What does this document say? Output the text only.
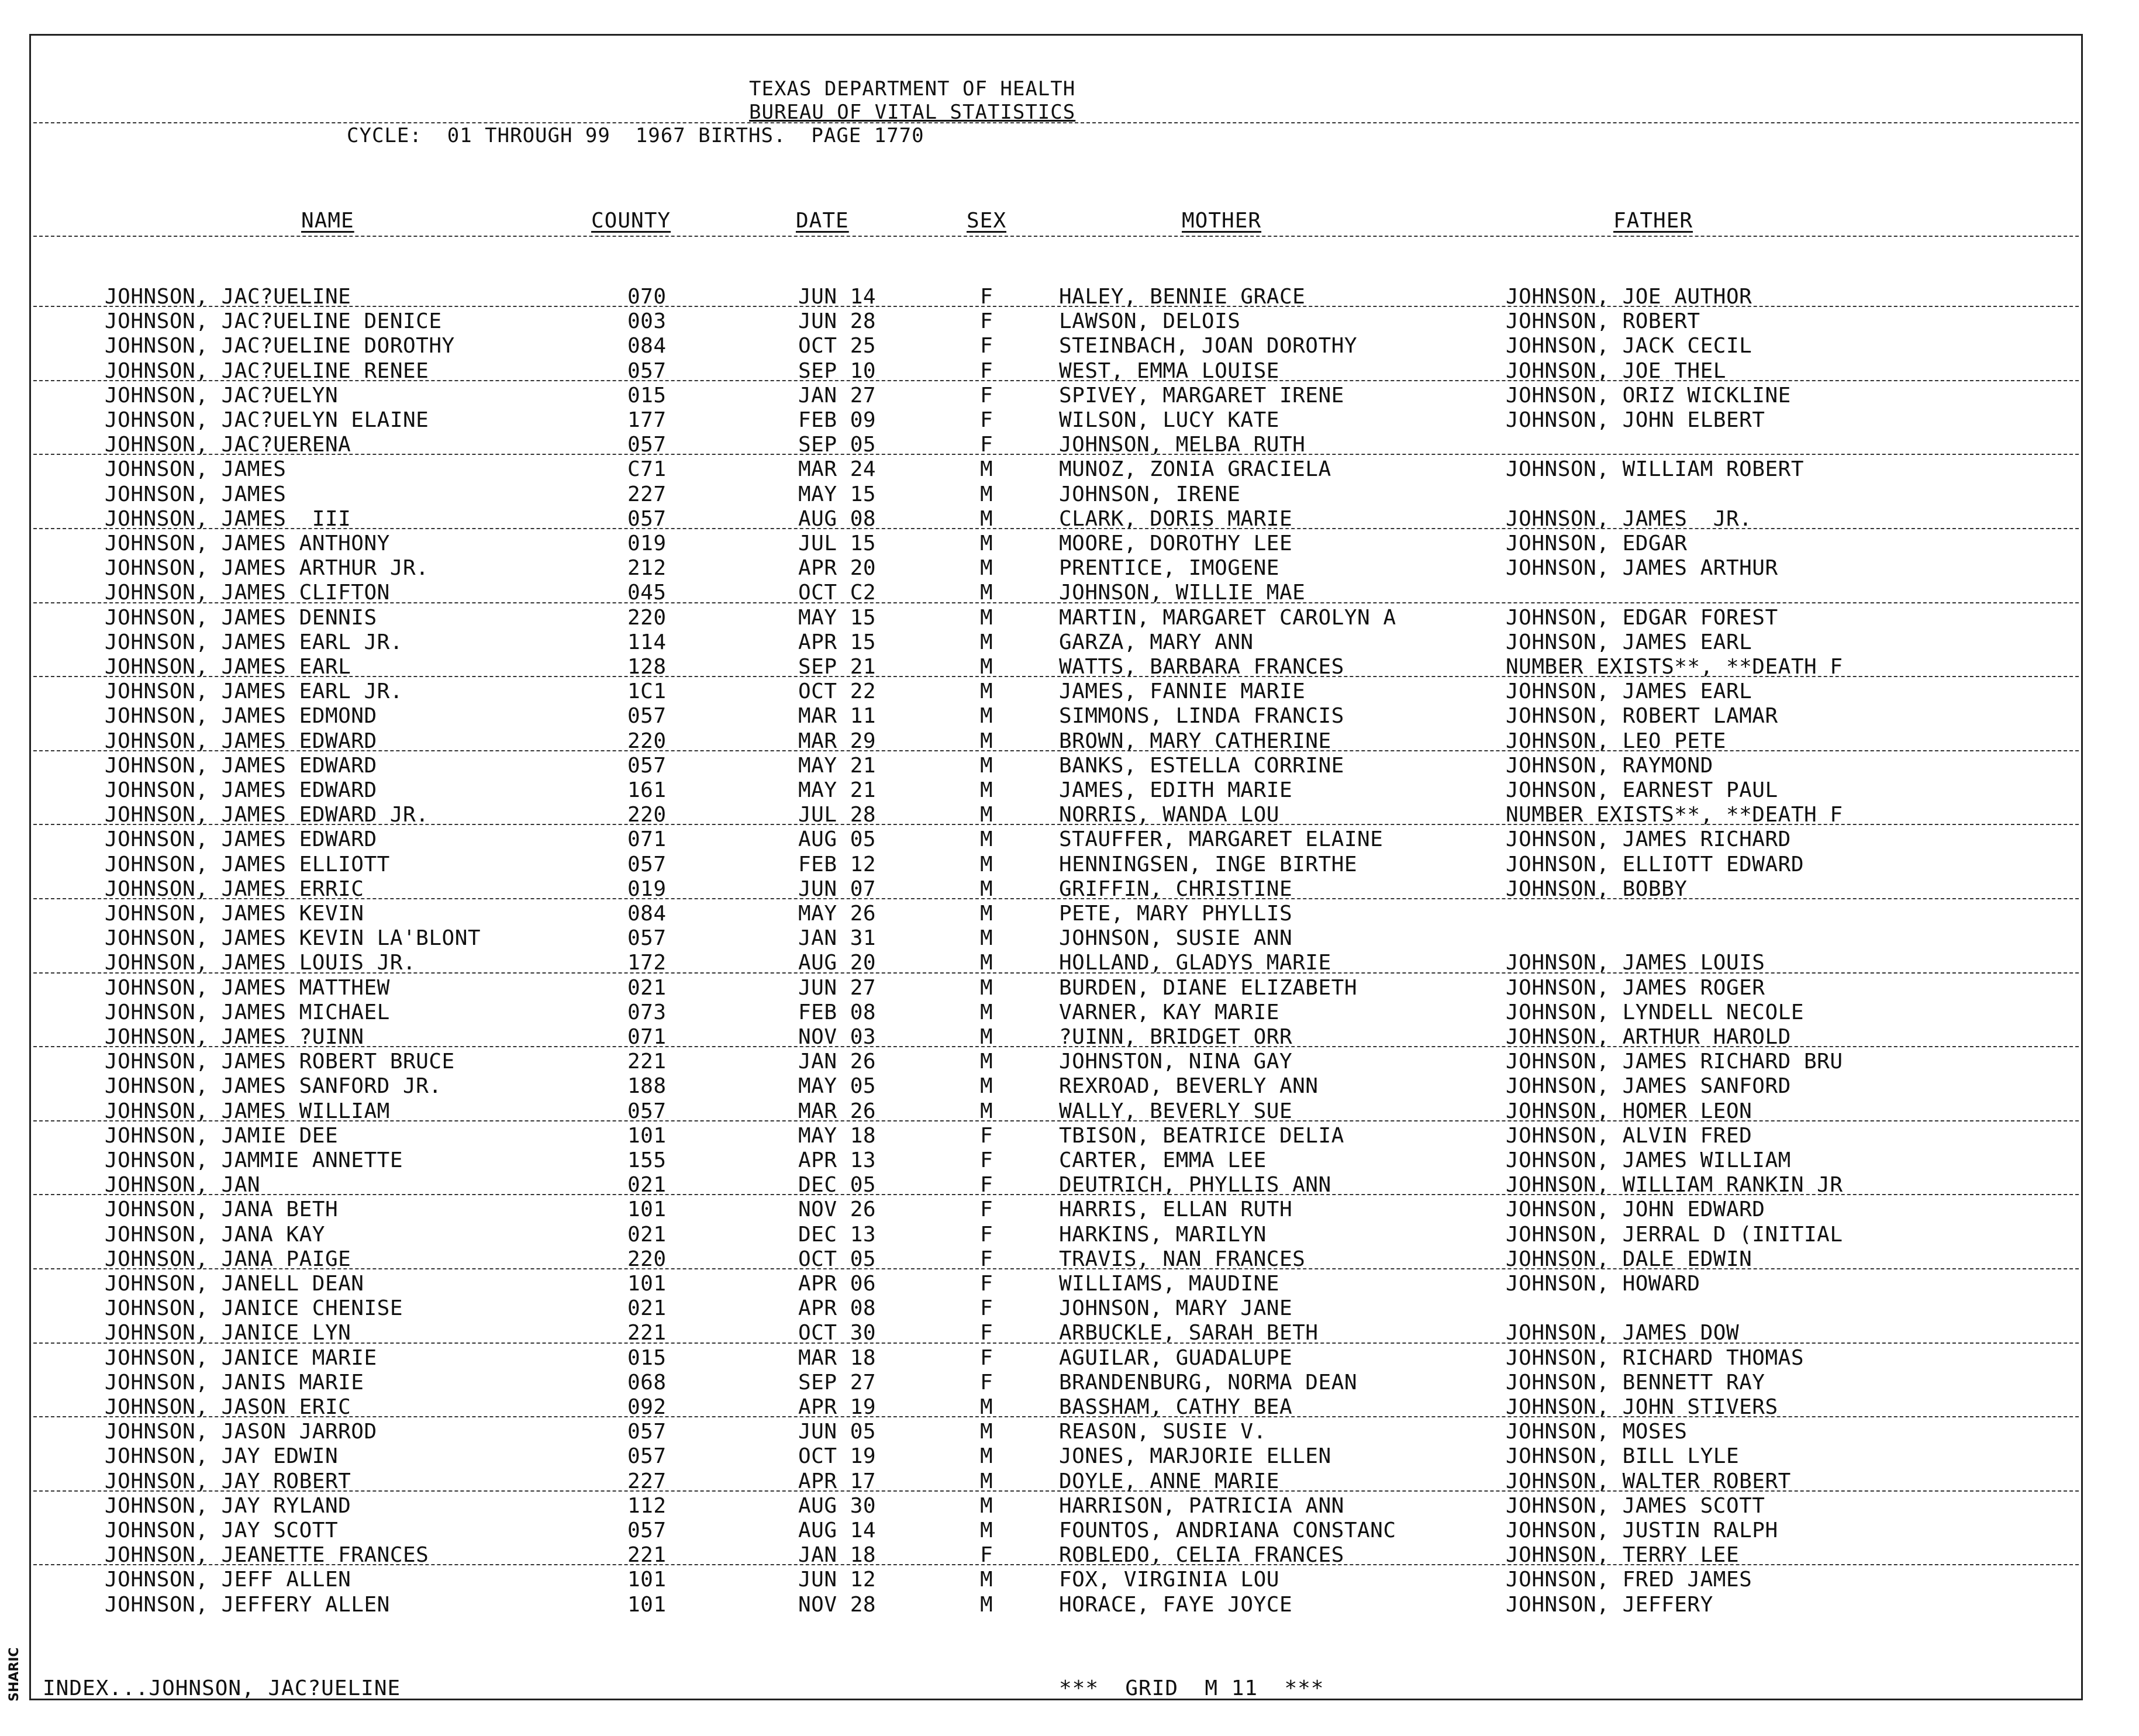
TEXAS DEPARTMENT OF HEALTH
BUREAU OF VITAL STATISTICS
CYCLE:  01 THROUGH 99  1967 BIRTHS.  PAGE 1770
NAME	COUNTY	DATE	SEX	MOTHER	FATHER
JOHNSON, JAC?UELINE	070	JUN 14	F	HALEY, BENNIE GRACE	JOHNSON, JOE AUTHOR
JOHNSON, JAC?UELINE DENICE	003	JUN 28	F	LAWSON, DELOIS	JOHNSON, ROBERT
JOHNSON, JAC?UELINE DOROTHY	084	OCT 25	F	STEINBACH, JOAN DOROTHY	JOHNSON, JACK CECIL
JOHNSON, JAC?UELINE RENEE	057	SEP 10	F	WEST, EMMA LOUISE	JOHNSON, JOE THEL
JOHNSON, JAC?UELYN	015	JAN 27	F	SPIVEY, MARGARET IRENE	JOHNSON, ORIZ WICKLINE
JOHNSON, JAC?UELYN ELAINE	177	FEB 09	F	WILSON, LUCY KATE	JOHNSON, JOHN ELBERT
JOHNSON, JAC?UERENA	057	SEP 05	F	JOHNSON, MELBA RUTH
JOHNSON, JAMES	C71	MAR 24	M	MUNOZ, ZONIA GRACIELA	JOHNSON, WILLIAM ROBERT
JOHNSON, JAMES	227	MAY 15	M	JOHNSON, IRENE
JOHNSON, JAMES  III	057	AUG 08	M	CLARK, DORIS MARIE	JOHNSON, JAMES  JR.
JOHNSON, JAMES ANTHONY	019	JUL 15	M	MOORE, DOROTHY LEE	JOHNSON, EDGAR
JOHNSON, JAMES ARTHUR JR.	212	APR 20	M	PRENTICE, IMOGENE	JOHNSON, JAMES ARTHUR
JOHNSON, JAMES CLIFTON	045	OCT C2	M	JOHNSON, WILLIE MAE
JOHNSON, JAMES DENNIS	220	MAY 15	M	MARTIN, MARGARET CAROLYN A	JOHNSON, EDGAR FOREST
JOHNSON, JAMES EARL JR.	114	APR 15	M	GARZA, MARY ANN	JOHNSON, JAMES EARL
JOHNSON, JAMES EARL	128	SEP 21	M	WATTS, BARBARA FRANCES	NUMBER EXISTS**, **DEATH F
JOHNSON, JAMES EARL JR.	1C1	OCT 22	M	JAMES, FANNIE MARIE	JOHNSON, JAMES EARL
JOHNSON, JAMES EDMOND	057	MAR 11	M	SIMMONS, LINDA FRANCIS	JOHNSON, ROBERT LAMAR
JOHNSON, JAMES EDWARD	220	MAR 29	M	BROWN, MARY CATHERINE	JOHNSON, LEO PETE
JOHNSON, JAMES EDWARD	057	MAY 21	M	BANKS, ESTELLA CORRINE	JOHNSON, RAYMOND
JOHNSON, JAMES EDWARD	161	MAY 21	M	JAMES, EDITH MARIE	JOHNSON, EARNEST PAUL
JOHNSON, JAMES EDWARD JR.	220	JUL 28	M	NORRIS, WANDA LOU	NUMBER EXISTS**, **DEATH F
JOHNSON, JAMES EDWARD	071	AUG 05	M	STAUFFER, MARGARET ELAINE	JOHNSON, JAMES RICHARD
JOHNSON, JAMES ELLIOTT	057	FEB 12	M	HENNINGSEN, INGE BIRTHE	JOHNSON, ELLIOTT EDWARD
JOHNSON, JAMES ERRIC	019	JUN 07	M	GRIFFIN, CHRISTINE	JOHNSON, BOBBY
JOHNSON, JAMES KEVIN	084	MAY 26	M	PETE, MARY PHYLLIS
JOHNSON, JAMES KEVIN LA'BLONT	057	JAN 31	M	JOHNSON, SUSIE ANN
JOHNSON, JAMES LOUIS JR.	172	AUG 20	M	HOLLAND, GLADYS MARIE	JOHNSON, JAMES LOUIS
JOHNSON, JAMES MATTHEW	021	JUN 27	M	BURDEN, DIANE ELIZABETH	JOHNSON, JAMES ROGER
JOHNSON, JAMES MICHAEL	073	FEB 08	M	VARNER, KAY MARIE	JOHNSON, LYNDELL NECOLE
JOHNSON, JAMES ?UINN	071	NOV 03	M	?UINN, BRIDGET ORR	JOHNSON, ARTHUR HAROLD
JOHNSON, JAMES ROBERT BRUCE	221	JAN 26	M	JOHNSTON, NINA GAY	JOHNSON, JAMES RICHARD BRU
JOHNSON, JAMES SANFORD JR.	188	MAY 05	M	REXROAD, BEVERLY ANN	JOHNSON, JAMES SANFORD
JOHNSON, JAMES WILLIAM	057	MAR 26	M	WALLY, BEVERLY SUE	JOHNSON, HOMER LEON
JOHNSON, JAMIE DEE	101	MAY 18	F	TBISON, BEATRICE DELIA	JOHNSON, ALVIN FRED
JOHNSON, JAMMIE ANNETTE	155	APR 13	F	CARTER, EMMA LEE	JOHNSON, JAMES WILLIAM
JOHNSON, JAN	021	DEC 05	F	DEUTRICH, PHYLLIS ANN	JOHNSON, WILLIAM RANKIN JR
JOHNSON, JANA BETH	101	NOV 26	F	HARRIS, ELLAN RUTH	JOHNSON, JOHN EDWARD
JOHNSON, JANA KAY	021	DEC 13	F	HARKINS, MARILYN	JOHNSON, JERRAL D (INITIAL
JOHNSON, JANA PAIGE	220	OCT 05	F	TRAVIS, NAN FRANCES	JOHNSON, DALE EDWIN
JOHNSON, JANELL DEAN	101	APR 06	F	WILLIAMS, MAUDINE	JOHNSON, HOWARD
JOHNSON, JANICE CHENISE	021	APR 08	F	JOHNSON, MARY JANE
JOHNSON, JANICE LYN	221	OCT 30	F	ARBUCKLE, SARAH BETH	JOHNSON, JAMES DOW
JOHNSON, JANICE MARIE	015	MAR 18	F	AGUILAR, GUADALUPE	JOHNSON, RICHARD THOMAS
JOHNSON, JANIS MARIE	068	SEP 27	F	BRANDENBURG, NORMA DEAN	JOHNSON, BENNETT RAY
JOHNSON, JASON ERIC	092	APR 19	M	BASSHAM, CATHY BEA	JOHNSON, JOHN STIVERS
JOHNSON, JASON JARROD	057	JUN 05	M	REASON, SUSIE V.	JOHNSON, MOSES
JOHNSON, JAY EDWIN	057	OCT 19	M	JONES, MARJORIE ELLEN	JOHNSON, BILL LYLE
JOHNSON, JAY ROBERT	227	APR 17	M	DOYLE, ANNE MARIE	JOHNSON, WALTER ROBERT
JOHNSON, JAY RYLAND	112	AUG 30	M	HARRISON, PATRICIA ANN	JOHNSON, JAMES SCOTT
JOHNSON, JAY SCOTT	057	AUG 14	M	FOUNTOS, ANDRIANA CONSTANC	JOHNSON, JUSTIN RALPH
JOHNSON, JEANETTE FRANCES	221	JAN 18	F	ROBLEDO, CELIA FRANCES	JOHNSON, TERRY LEE
JOHNSON, JEFF ALLEN	101	JUN 12	M	FOX, VIRGINIA LOU	JOHNSON, FRED JAMES
JOHNSON, JEFFERY ALLEN	101	NOV 28	M	HORACE, FAYE JOYCE	JOHNSON, JEFFERY
INDEX...JOHNSON, JAC?UELINE	***  GRID  M 11  ***
SHARIC
